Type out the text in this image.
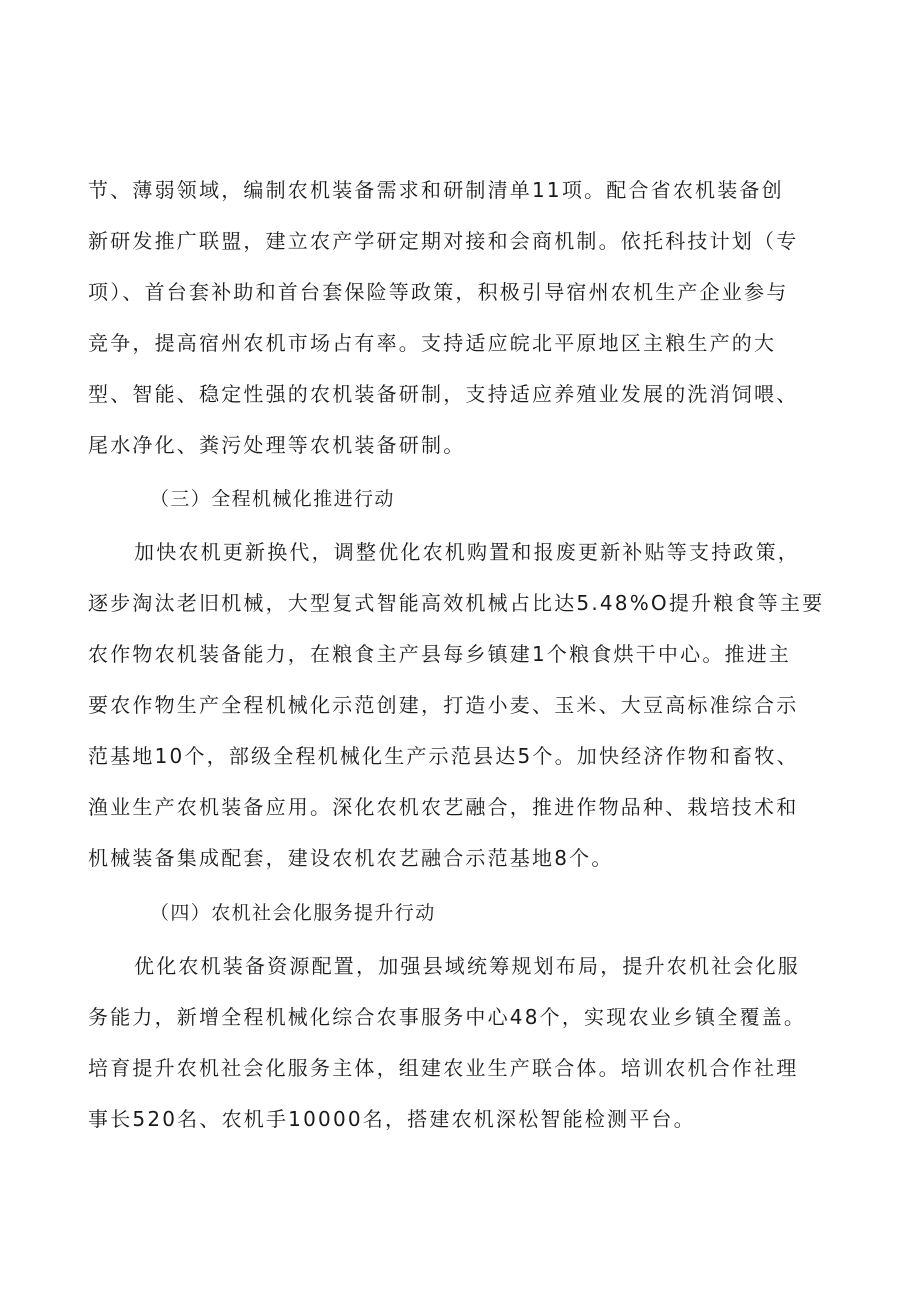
节、薄弱领域，编制农机装备需求和研制清单11项。配合省农机装备创
新研发推广联盟，建立农产学研定期对接和会商机制。依托科技计划（专
项）、首台套补助和首台套保险等政策，积极引导宿州农机生产企业参与
竞争，提高宿州农机市场占有率。支持适应皖北平原地区主粮生产的大
型、智能、稳定性强的农机装备研制，支持适应养殖业发展的洗消饲喂、
尾水净化、粪污处理等农机装备研制。
（三）全程机械化推进行动
加快农机更新换代，调整优化农机购置和报废更新补贴等支持政策，
逐步淘汰老旧机械，大型复式智能高效机械占比达5.48%O提升粮食等主要
农作物农机装备能力，在粮食主产县每乡镇建1个粮食烘干中心。推进主
要农作物生产全程机械化示范创建，打造小麦、玉米、大豆高标准综合示
范基地10个，部级全程机械化生产示范县达5个。加快经济作物和畜牧、
渔业生产农机装备应用。深化农机农艺融合，推进作物品种、栽培技术和
机械装备集成配套，建设农机农艺融合示范基地8个。
（四）农机社会化服务提升行动
优化农机装备资源配置，加强县域统筹规划布局，提升农机社会化服
务能力，新增全程机械化综合农事服务中心48个，实现农业乡镇全覆盖。
培育提升农机社会化服务主体，组建农业生产联合体。培训农机合作社理
事长520名、农机手10000名，搭建农机深松智能检测平台。
